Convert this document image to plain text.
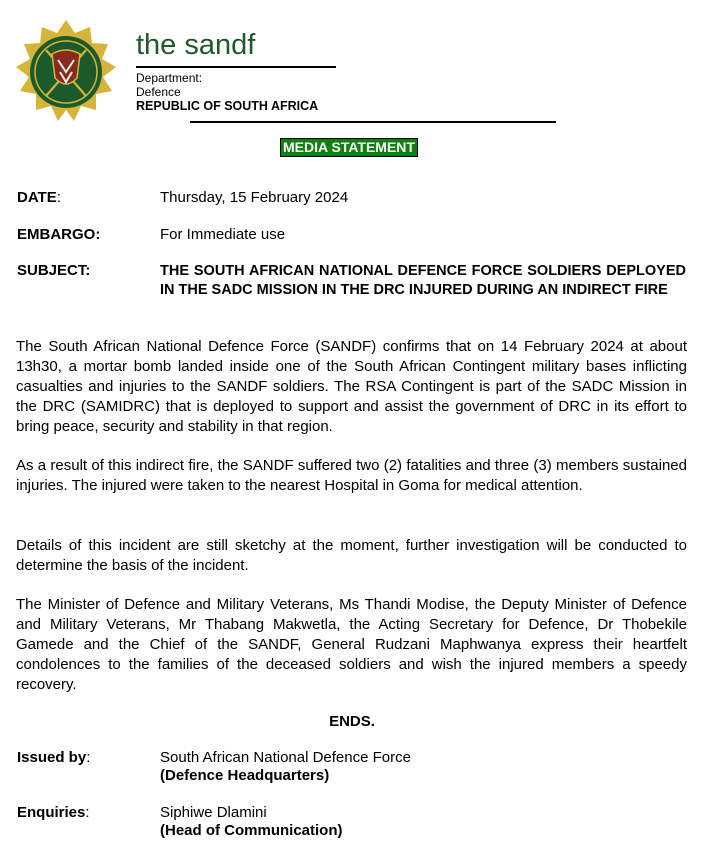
the sandf
Department:
Defence
REPUBLIC OF SOUTH AFRICA
MEDIA STATEMENT
DATE:	Thursday, 15 February 2024
EMBARGO:	For Immediate use
SUBJECT:	THE SOUTH AFRICAN NATIONAL DEFENCE FORCE SOLDIERS DEPLOYED IN THE SADC MISSION IN THE DRC INJURED DURING AN INDIRECT FIRE
The South African National Defence Force (SANDF) confirms that on 14 February 2024 at about 13h30, a mortar bomb landed inside one of the South African Contingent military bases inflicting casualties and injuries to the SANDF soldiers. The RSA Contingent is part of the SADC Mission in the DRC (SAMIDRC) that is deployed to support and assist the government of DRC in its effort to bring peace, security and stability in that region.
As a result of this indirect fire, the SANDF suffered two (2) fatalities and three (3) members sustained injuries. The injured were taken to the nearest Hospital in Goma for medical attention.
Details of this incident are still sketchy at the moment, further investigation will be conducted to determine the basis of the incident.
The Minister of Defence and Military Veterans, Ms Thandi Modise, the Deputy Minister of Defence and Military Veterans, Mr Thabang Makwetla, the Acting Secretary for Defence, Dr Thobekile Gamede and the Chief of the SANDF, General Rudzani Maphwanya express their heartfelt condolences to the families of the deceased soldiers and wish the injured members a speedy recovery.
ENDS.
Issued by:	South African National Defence Force
(Defence Headquarters)
Enquiries:	Siphiwe Dlamini
(Head of Communication)
